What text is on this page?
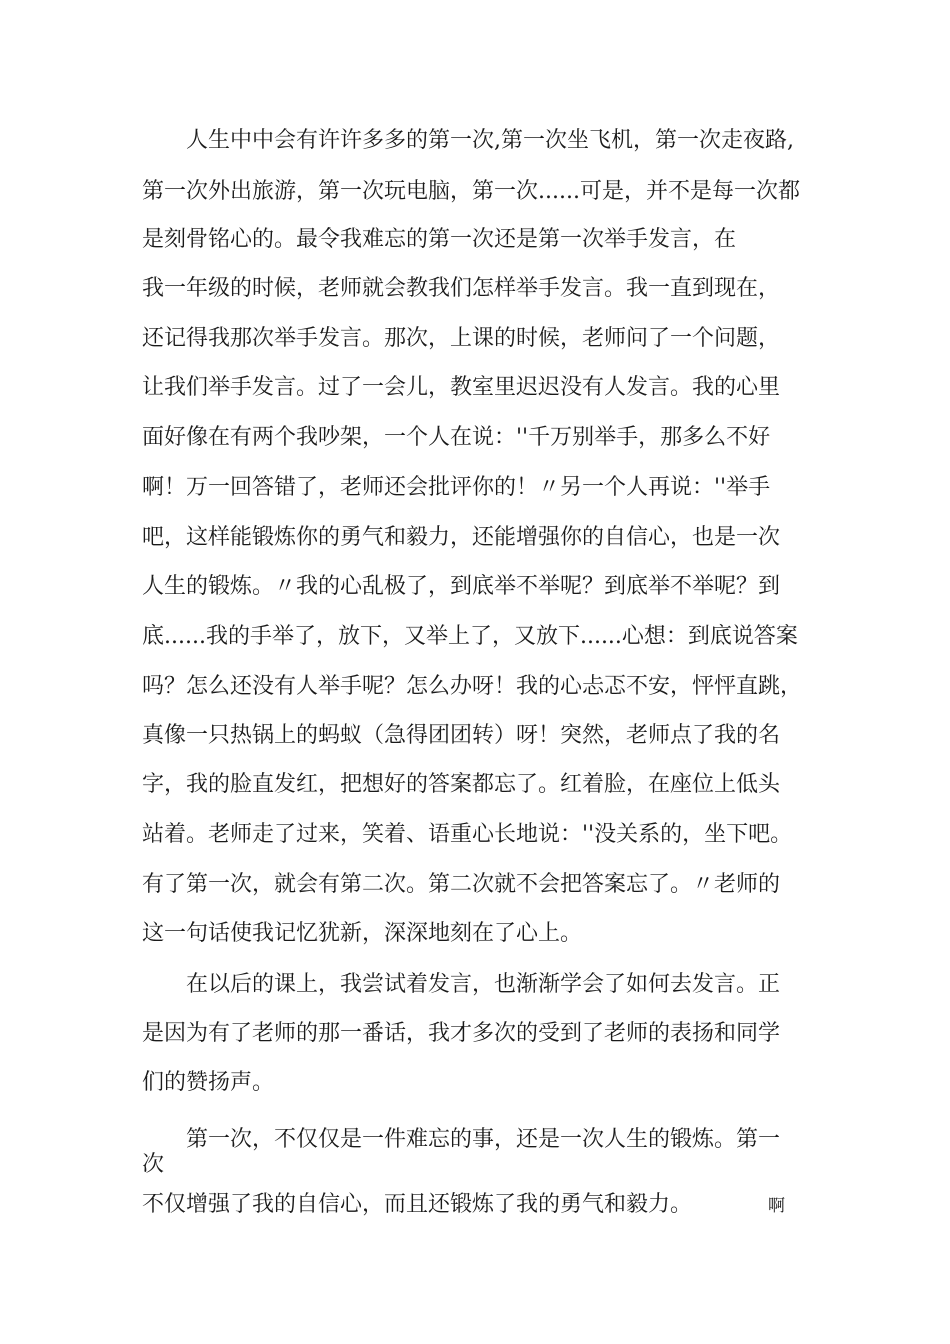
人生中中会有许许多多的第一次,第一次坐飞机，第一次走夜路,
第一次外出旅游，第一次玩电脑，第一次......可是，并不是每一次都
是刻骨铭心的。最令我难忘的第一次还是第一次举手发言，在
我一年级的时候，老师就会教我们怎样举手发言。我一直到现在，
还记得我那次举手发言。那次，上课的时候，老师问了一个问题，
让我们举手发言。过了一会儿，教室里迟迟没有人发言。我的心里
面好像在有两个我吵架，一个人在说：''千万别举手，那多么不好
啊！万一回答错了，老师还会批评你的！〃另一个人再说：''举手
吧，这样能锻炼你的勇气和毅力，还能增强你的自信心，也是一次
人生的锻炼。〃我的心乱极了，到底举不举呢？到底举不举呢？到
底......我的手举了，放下，又举上了，又放下......心想：到底说答案
吗？怎么还没有人举手呢？怎么办呀！我的心忐忑不安，怦怦直跳，
真像一只热锅上的蚂蚁（急得团团转）呀！突然，老师点了我的名
字，我的脸直发红，把想好的答案都忘了。红着脸，在座位上低头
站着。老师走了过来，笑着、语重心长地说：''没关系的，坐下吧。
有了第一次，就会有第二次。第二次就不会把答案忘了。〃老师的
这一句话使我记忆犹新，深深地刻在了心上。
在以后的课上，我尝试着发言，也渐渐学会了如何去发言。正
是因为有了老师的那一番话，我才多次的受到了老师的表扬和同学
们的赞扬声。
第一次，不仅仅是一件难忘的事，还是一次人生的锻炼。第一
次
不仅增强了我的自信心，而且还锻炼了我的勇气和毅力。	啊
